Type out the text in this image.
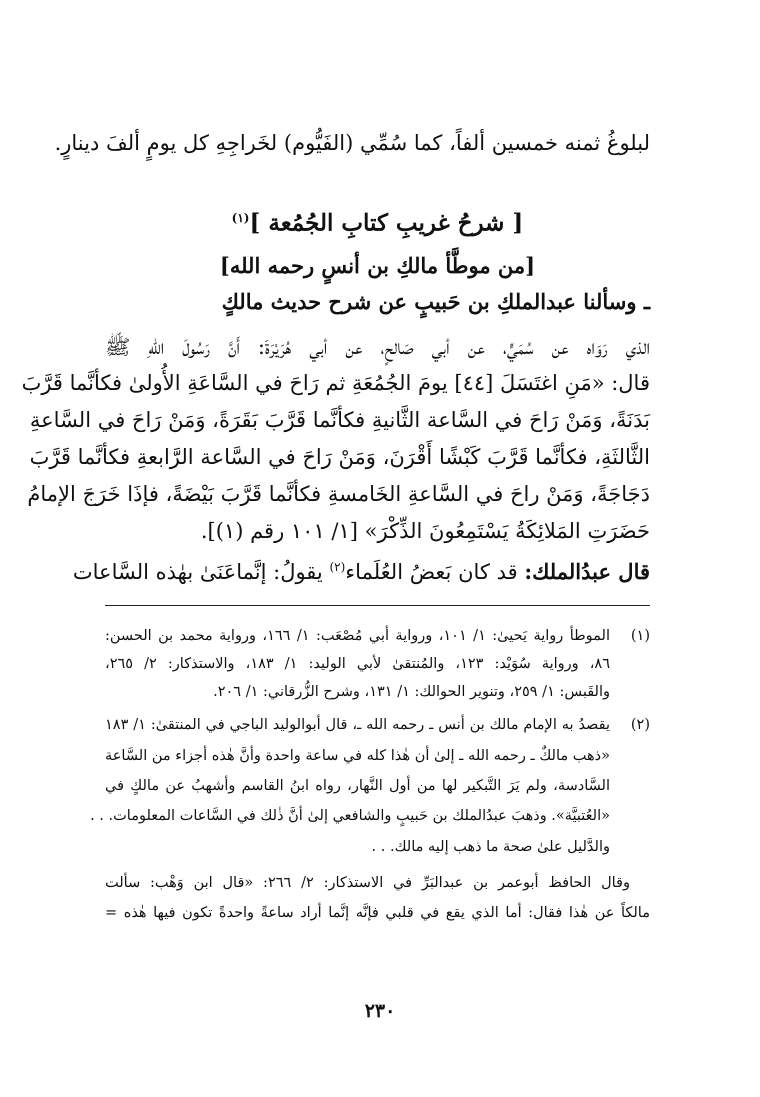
لبلوغُ ثمنه خمسين ألفاً، كما سُمِّي (الفَيُّوم) لخَراجِهِ كل يومٍ ألفَ دينارٍ.
[ شرحُ غريبِ كتابِ الجُمُعة ]$^{(١)}$
[من موطَّأ مالكِ بن أنسٍ رحمه الله]
ـ وسألنا عبدالملكِ بن حَبيبٍ عن شرح حديث مالكٍ
الذي رَوَاه عن سُمَيٍّ، عن أبي صَالحٍ، عن أبي هُرَيْرَةَ: أَنَّ رَسُولَ اللهِ ﷺ
قال: «مَنِ اغتَسَلَ [٤٤] يومَ الجُمُعَةِ ثم رَاحَ في السَّاعَةِ الأُولىٰ فكأنَّما قَرَّبَ
بَدَنَةً، وَمَنْ رَاحَ في السَّاعة الثَّانيةِ فكأنَّما قَرَّبَ بَقَرَةً، وَمَنْ رَاحَ في السَّاعةِ
الثَّالثَةِ، فكأنَّما قَرَّبَ كَبْشًا أَقْرَنَ، وَمَنْ رَاحَ في السَّاعة الرَّابعةِ فكأنَّما قَرَّبَ
دَجَاجَةً، وَمَنْ راحَ في السَّاعةِ الخَامسةِ فكأنَّما قَرَّبَ بَيْضَةً، فإذَا خَرَجَ الإمامُ
حَضَرَتِ المَلائِكَةُ يَسْتَمِعُونَ الذِّكْرَ» [١/ ١٠١ رقم (١)].
قال عبدُالملك: قد كان بَعضُ العُلَماء$^{(٢)}$ يقولُ: إنَّماعَنَىٰ بهٰذه السَّاعات
(١)
الموطأ رواية يَحيىٰ: ١/ ١٠١، ورواية أبي مُصْعَب: ١/ ١٦٦، ورواية محمد بن الحسن:
٨٦، ورواية سُوَيْد: ١٢٣، والمُنتقىٰ لأبي الوليد: ١/ ١٨٣، والاستذكار: ٢/ ٢٦٥،
والقَبس: ١/ ٢٥٩، وتنوير الحوالك: ١/ ١٣١، وشرح الزُّرقاني: ١/ ٢٠٦.
(٢)
يقصدُ به الإمام مالك بن أنس ـ رحمه الله ـ، قال أبوالوليد الباجي في المنتقىٰ: ١/ ١٨٣
«ذهب مالكٌ ـ رحمه الله ـ إلىٰ أن هٰذا كله في ساعة واحدة وأنَّ هٰذه أجزاء من السَّاعة
السَّادسة، ولم يَرَ التَّبكير لها من أول النَّهار، رواه ابنُ القاسم وأشهبُ عن مالكٍ في
«العُتبيَّة». وذهبَ عبدُالملك بن حَبيبٍ والشافعي إلىٰ أنَّ ذٰلك في السَّاعات المعلومات. . .
والدَّليل علىٰ صحة ما ذهب إليه مالك. . .
وقال الحافظ أبوعمر بن عبدالبَرِّ في الاستذكار: ٢/ ٢٦٦: «قال ابن وَهْب: سألت
مالكاً عن هٰذا فقال: أما الذي يقع في قلبي فإنَّه إنَّما أراد ساعةً واحدةً تكون فيها هٰذه =
٢٣٠
